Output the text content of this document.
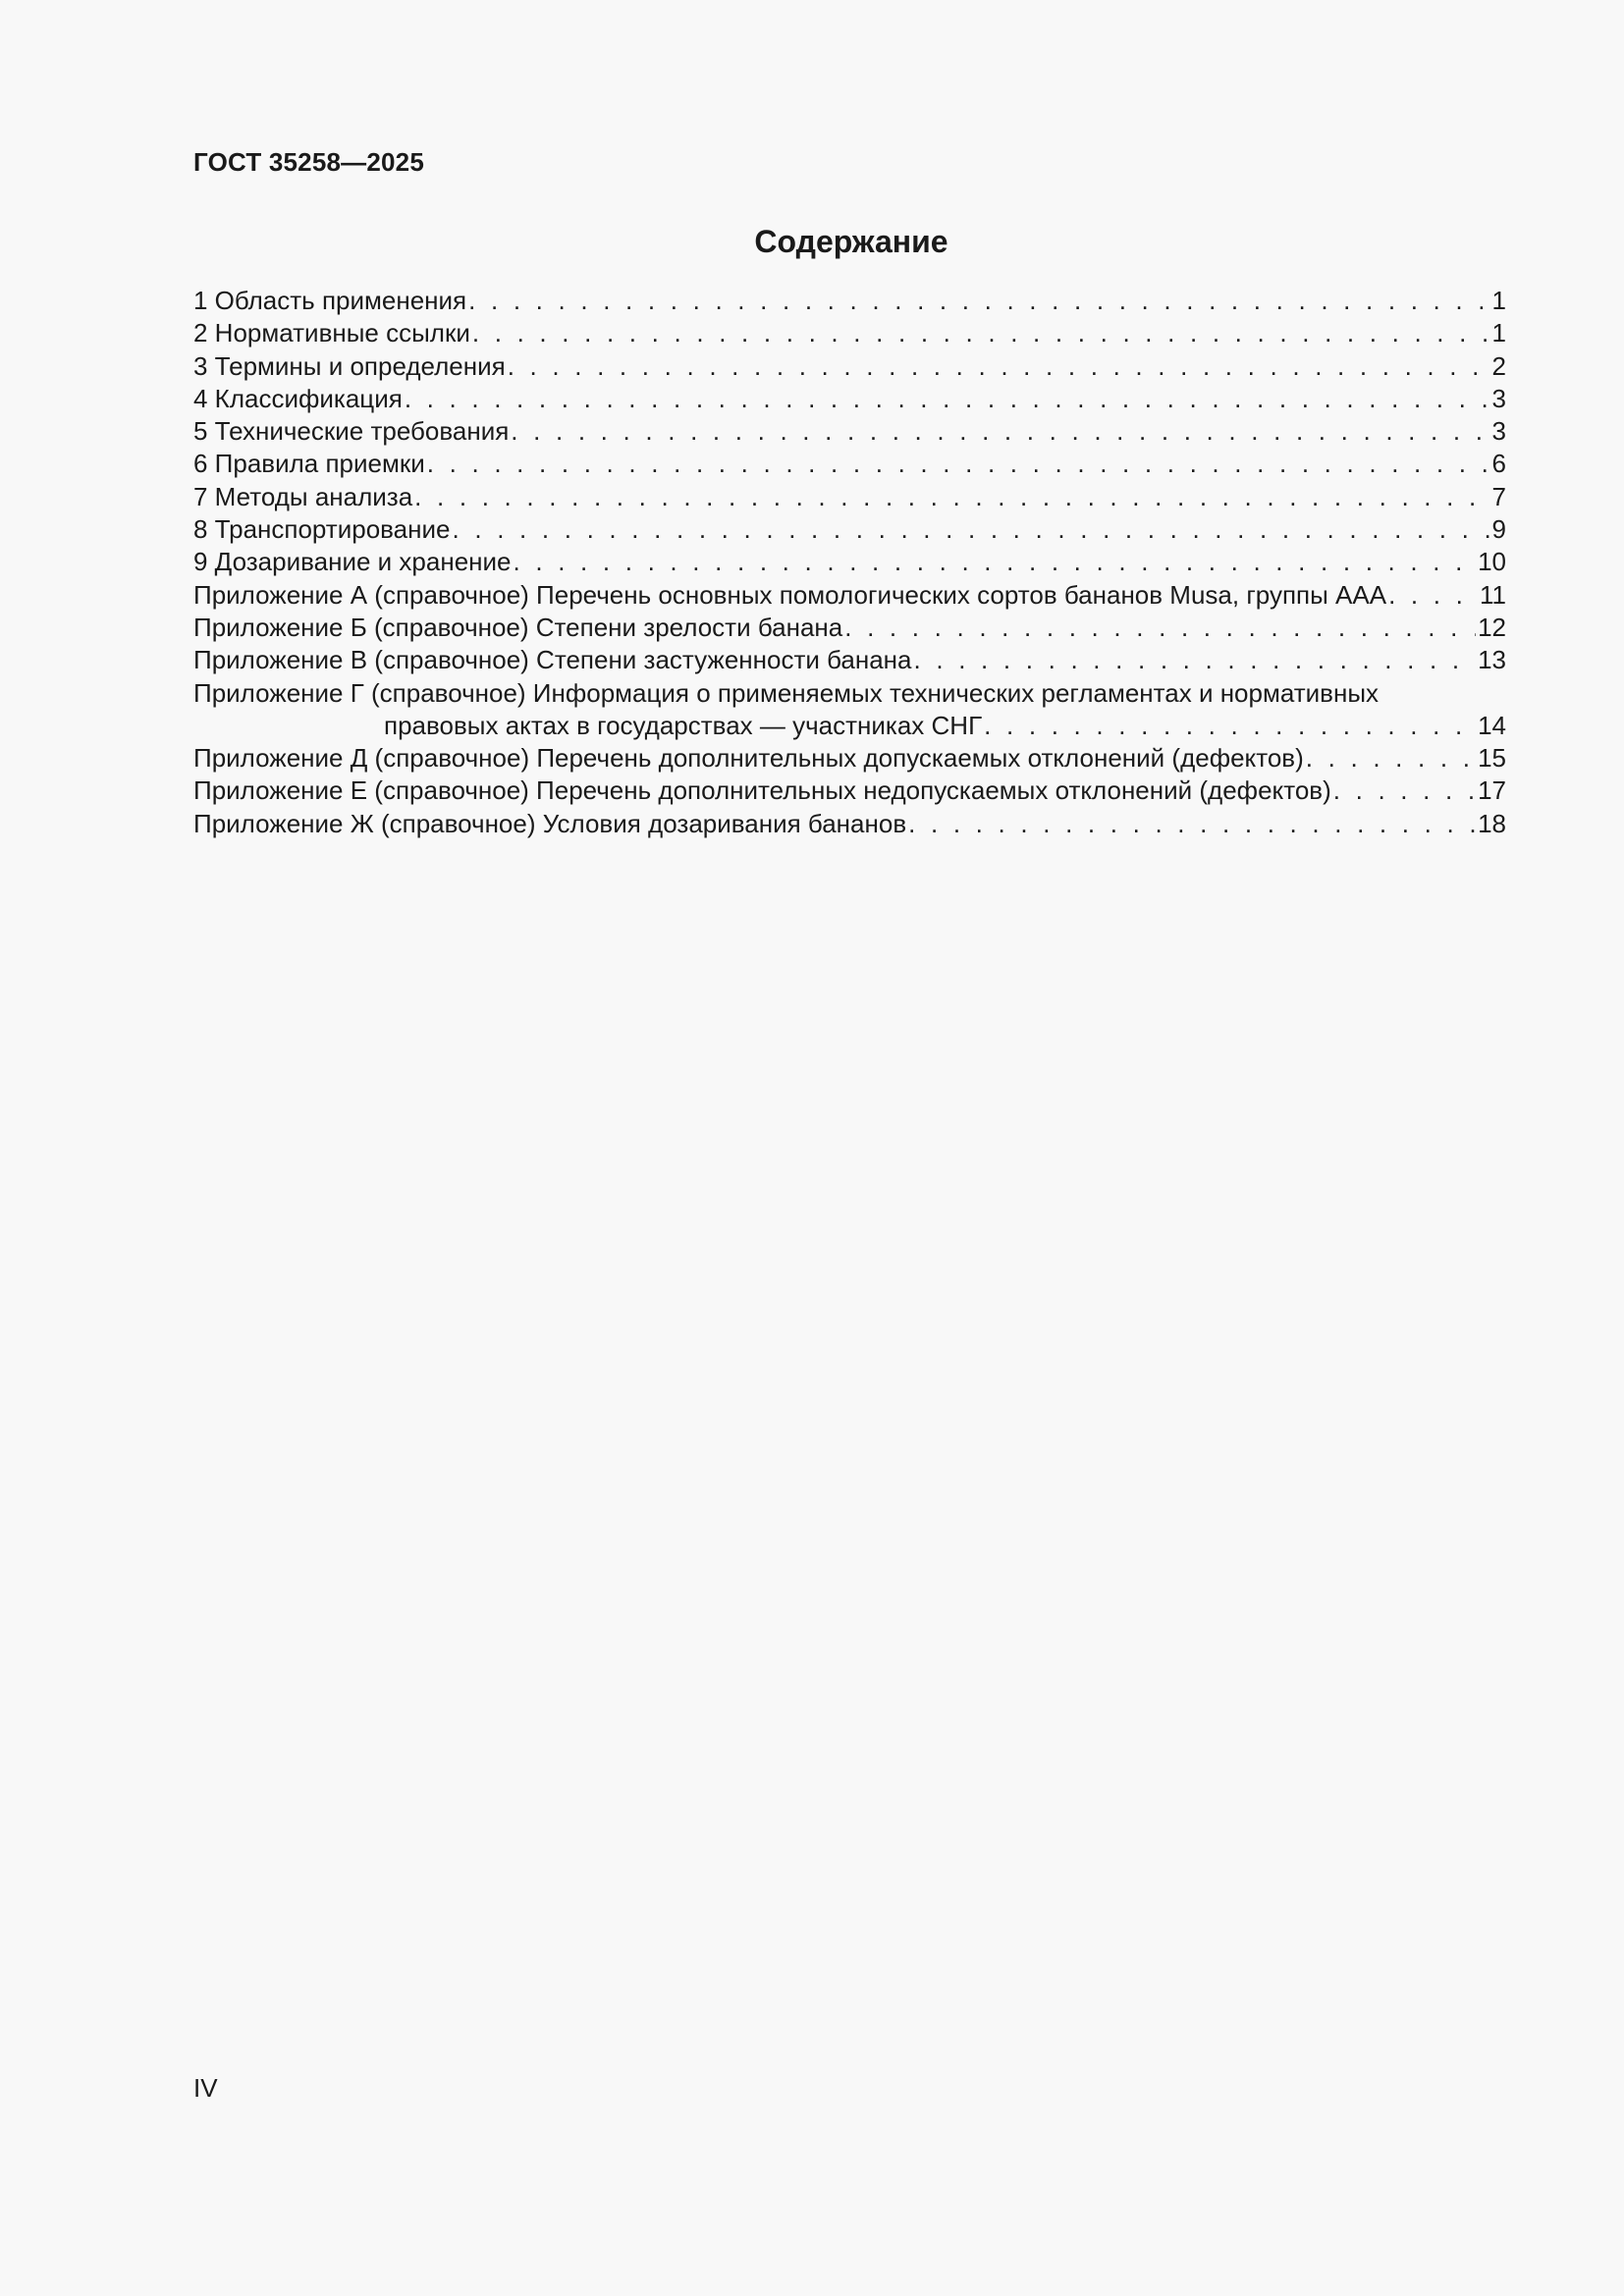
ГОСТ 35258—2025
Содержание
1 Область применения . . .	1
2 Нормативные ссылки . . .	1
3 Термины и определения . . .	2
4 Классификация . . .	3
5 Технические требования . . .	3
6 Правила приемки . . .	6
7 Методы анализа . . .	7
8 Транспортирование . . .	9
9 Дозаривание и хранение . . .	10
Приложение А (справочное) Перечень основных помологических сортов бананов Musa, группы ААА . . .	11
Приложение Б (справочное) Степени зрелости банана . . .	12
Приложение В (справочное) Степени застуженности банана . . .	13
Приложение Г (справочное) Информация о применяемых технических регламентах и нормативных
правовых актах в государствах — участниках СНГ . . .	14
Приложение Д (справочное) Перечень дополнительных допускаемых отклонений (дефектов) . . .	15
Приложение Е (справочное) Перечень дополнительных недопускаемых отклонений (дефектов) . . .	17
Приложение Ж (справочное) Условия дозаривания бананов . . .	18
IV
